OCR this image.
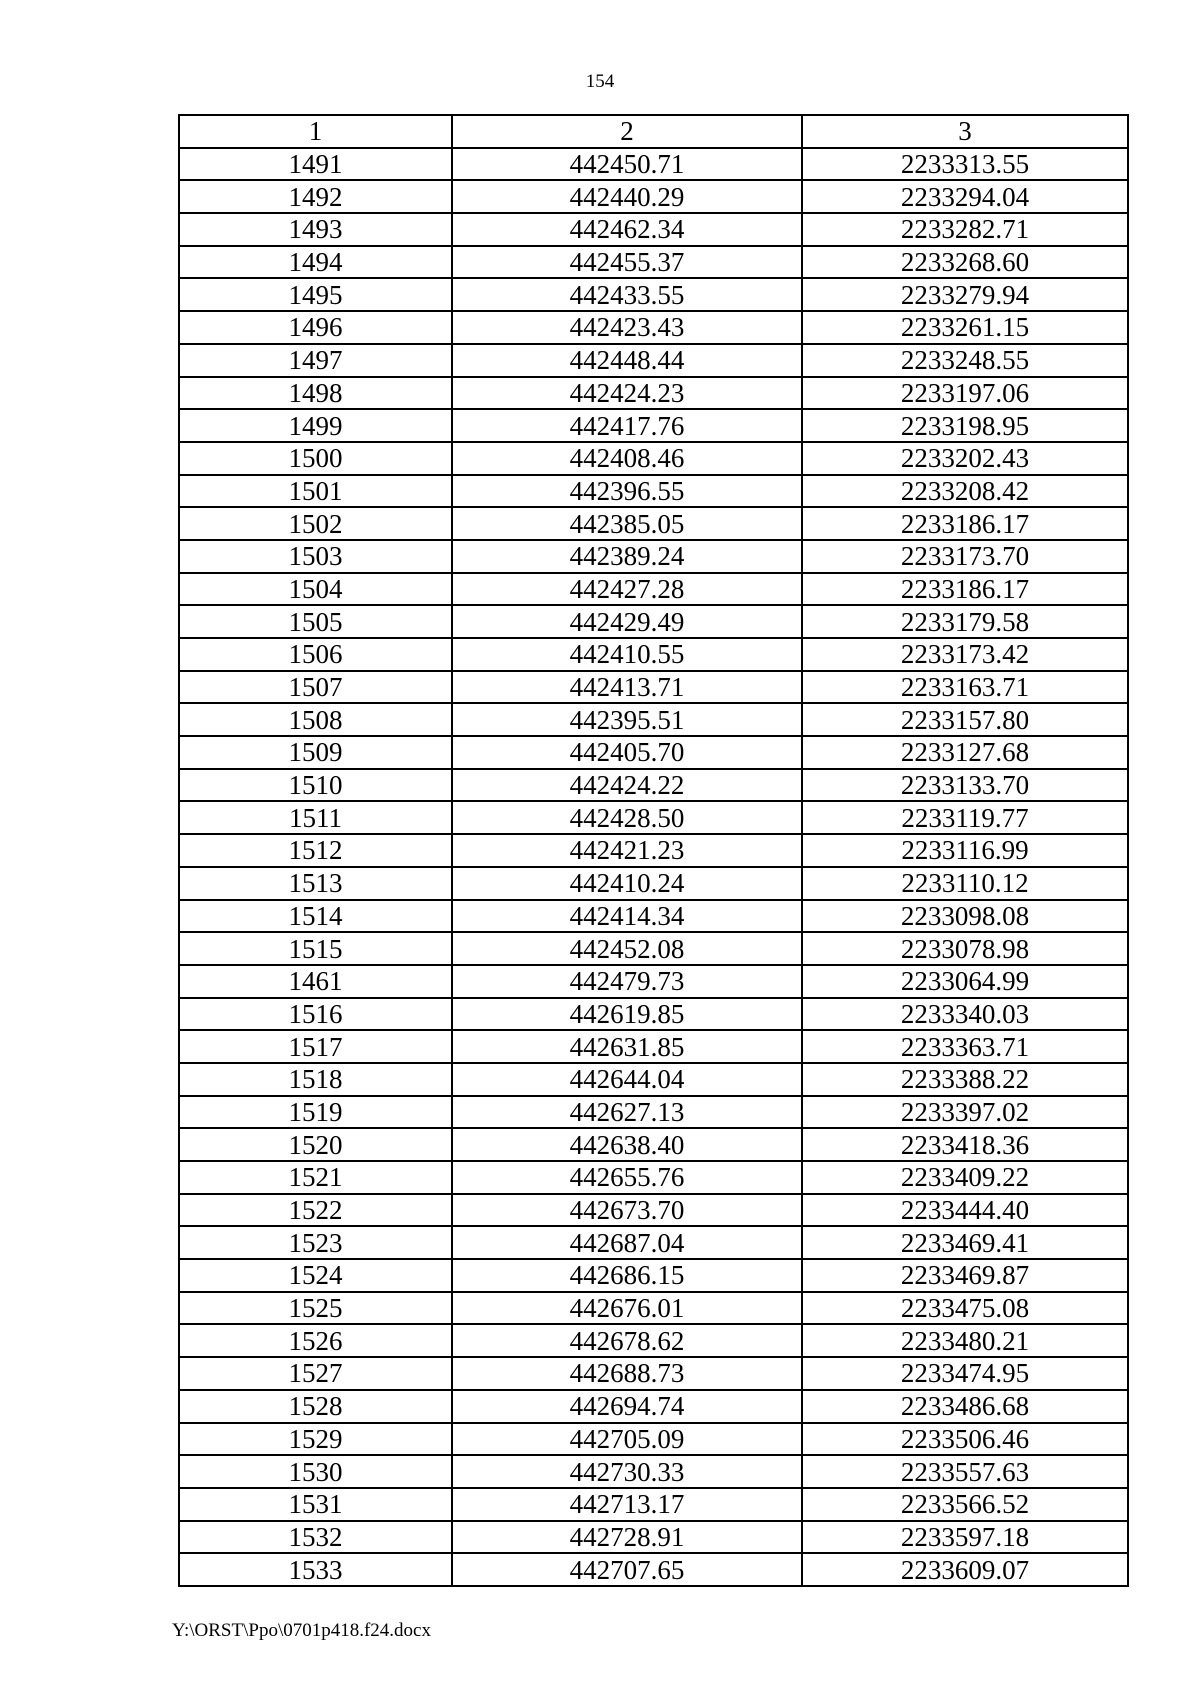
154
1	2	3
1491	442450.71	2233313.55
1492	442440.29	2233294.04
1493	442462.34	2233282.71
1494	442455.37	2233268.60
1495	442433.55	2233279.94
1496	442423.43	2233261.15
1497	442448.44	2233248.55
1498	442424.23	2233197.06
1499	442417.76	2233198.95
1500	442408.46	2233202.43
1501	442396.55	2233208.42
1502	442385.05	2233186.17
1503	442389.24	2233173.70
1504	442427.28	2233186.17
1505	442429.49	2233179.58
1506	442410.55	2233173.42
1507	442413.71	2233163.71
1508	442395.51	2233157.80
1509	442405.70	2233127.68
1510	442424.22	2233133.70
1511	442428.50	2233119.77
1512	442421.23	2233116.99
1513	442410.24	2233110.12
1514	442414.34	2233098.08
1515	442452.08	2233078.98
1461	442479.73	2233064.99
1516	442619.85	2233340.03
1517	442631.85	2233363.71
1518	442644.04	2233388.22
1519	442627.13	2233397.02
1520	442638.40	2233418.36
1521	442655.76	2233409.22
1522	442673.70	2233444.40
1523	442687.04	2233469.41
1524	442686.15	2233469.87
1525	442676.01	2233475.08
1526	442678.62	2233480.21
1527	442688.73	2233474.95
1528	442694.74	2233486.68
1529	442705.09	2233506.46
1530	442730.33	2233557.63
1531	442713.17	2233566.52
1532	442728.91	2233597.18
1533	442707.65	2233609.07
Y:\ORST\Ppo\0701p418.f24.docx
